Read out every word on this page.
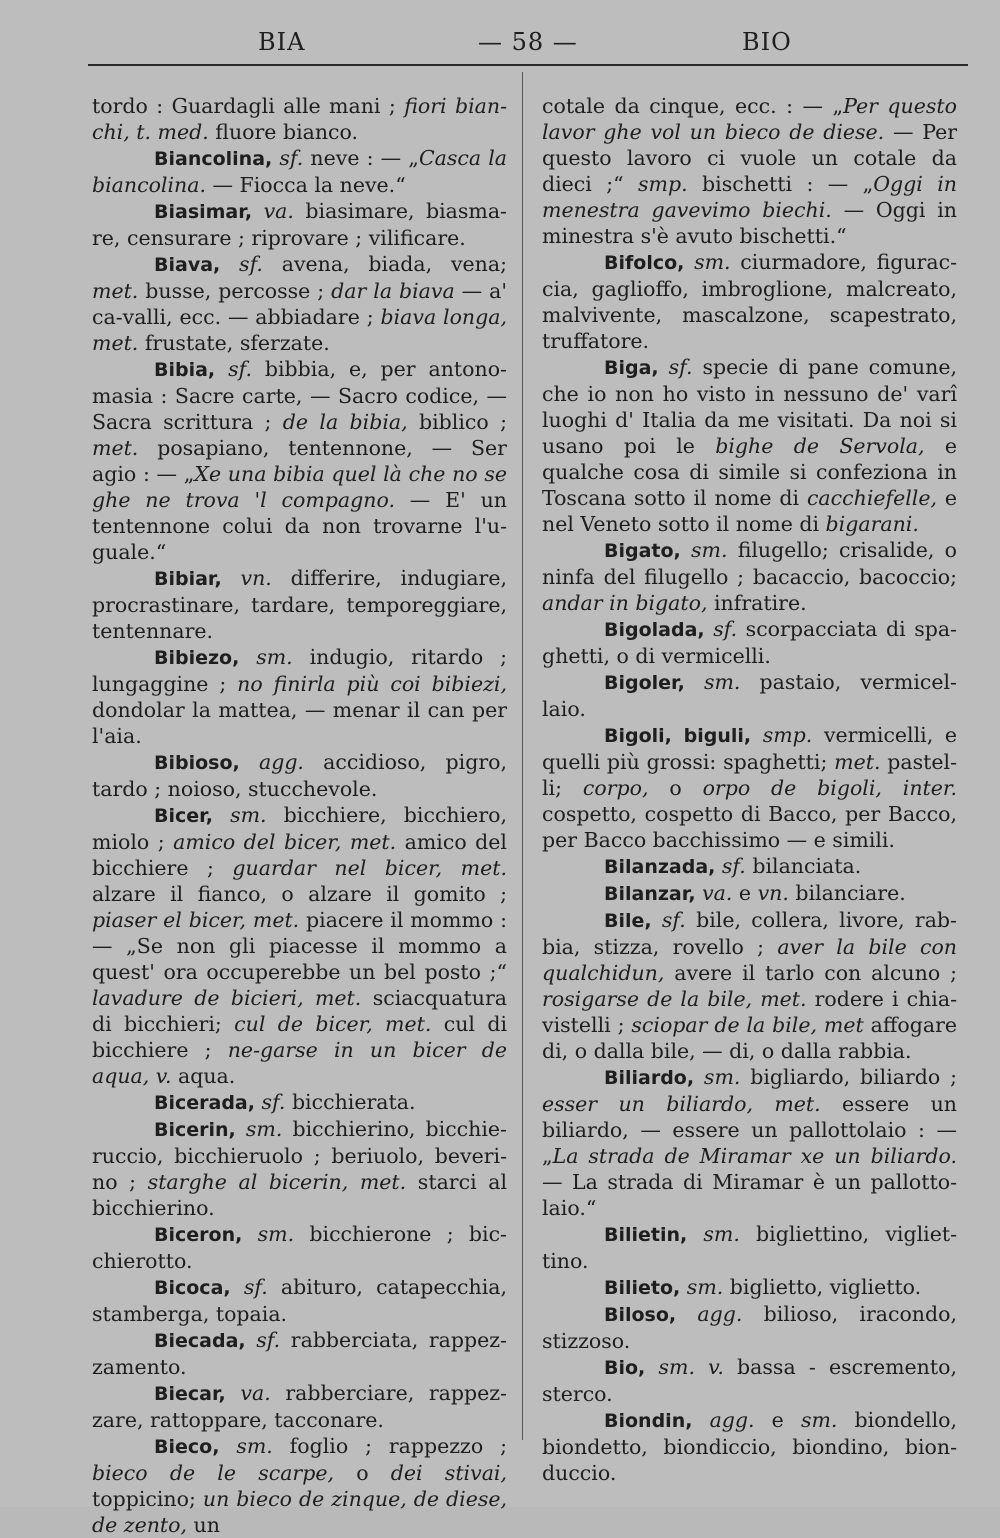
BIA	— 58 —	BIO

tordo : Guardagli alle mani ; fiori bian-chi, t. med. fluore bianco.

Biancolina, sf. neve : — „Casca la biancolina. — Fiocca la neve.“

Biasimar, va. biasimare, biasma-re, censurare ; riprovare ; vilificare.

Biava, sf. avena, biada, vena; met. busse, percosse ; dar la biava — a' ca-valli, ecc. — abbiadare ; biava longa, met. frustate, sferzate.

Bibia, sf. bibbia, e, per antono-masia : Sacre carte, — Sacro codice, — Sacra scrittura ; de la bibia, biblico ; met. posapiano, tentennone, — Ser agio : — „Xe una bibia quel là che no se ghe ne trova 'l compagno. — E' un tentennone colui da non trovarne l'u-guale.“

Bibiar, vn. differire, indugiare, procrastinare, tardare, temporeggiare, tentennare.

Bibiezo, sm. indugio, ritardo ; lungaggine ; no finirla più coi bibiezi, dondolar la mattea, — menar il can per l'aia.

Bibioso, agg. accidioso, pigro, tardo ; noioso, stucchevole.

Bicer, sm. bicchiere, bicchiero, miolo ; amico del bicer, met. amico del bicchiere ; guardar nel bicer, met. alzare il fianco, o alzare il gomito ; piaser el bicer, met. piacere il mommo : — „Se non gli piacesse il mommo a quest' ora occuperebbe un bel posto ;“ lavadure de bicieri, met. sciacquatura di bicchieri; cul de bicer, met. cul di bicchiere ; ne-garse in un bicer de aqua, v. aqua.

Bicerada, sf. bicchierata.

Bicerin, sm. bicchierino, bicchie-ruccio, bicchieruolo ; beriuolo, beveri-no ; starghe al bicerin, met. starci al bicchierino.

Biceron, sm. bicchierone ; bic-chierotto.

Bicoca, sf. abituro, catapecchia, stamberga, topaia.

Biecada, sf. rabberciata, rappez-zamento.

Biecar, va. rabberciare, rappez-zare, rattoppare, tacconare.

Bieco, sm. foglio ; rappezzo ; bieco de le scarpe, o dei stivai, toppicino; un bieco de zinque, de diese, de zento, un

cotale da cinque, ecc. : — „Per questo lavor ghe vol un bieco de diese. — Per questo lavoro ci vuole un cotale da dieci ;“ smp. bischetti : — „Oggi in menestra gavevimo biechi. — Oggi in minestra s'è avuto bischetti.“

Bifolco, sm. ciurmadore, figurac-cia, gaglioffo, imbroglione, malcreato, malvivente, mascalzone, scapestrato, truffatore.

Biga, sf. specie di pane comune, che io non ho visto in nessuno de' varî luoghi d' Italia da me visitati. Da noi si usano poi le bighe de Servola, e qualche cosa di simile si confeziona in Toscana sotto il nome di cacchiefelle, e nel Veneto sotto il nome di bigarani.

Bigato, sm. filugello; crisalide, o ninfa del filugello ; bacaccio, bacoccio; andar in bigato, infratire.

Bigolada, sf. scorpacciata di spa-ghetti, o di vermicelli.

Bigoler, sm. pastaio, vermicel-laio.

Bigoli, biguli, smp. vermicelli, e quelli più grossi: spaghetti; met. pastel-li; corpo, o orpo de bigoli, inter. cospetto, cospetto di Bacco, per Bacco, per Bacco bacchissimo — e simili.

Bilanzada, sf. bilanciata.

Bilanzar, va. e vn. bilanciare.

Bile, sf. bile, collera, livore, rab-bia, stizza, rovello ; aver la bile con qualchidun, avere il tarlo con alcuno ; rosigarse de la bile, met. rodere i chia-vistelli ; sciopar de la bile, met affogare di, o dalla bile, — di, o dalla rabbia.

Biliardo, sm. bigliardo, biliardo ; esser un biliardo, met. essere un biliardo, — essere un pallottolaio : — „La strada de Miramar xe un biliardo. — La strada di Miramar è un pallotto-laio.“

Bilietin, sm. bigliettino, vigliet-tino.

Bilieto, sm. biglietto, viglietto.

Biloso, agg. bilioso, iracondo, stizzoso.

Bio, sm. v. bassa - escremento, sterco.

Biondin, agg. e sm. biondello, biondetto, biondiccio, biondino, bion-duccio.
